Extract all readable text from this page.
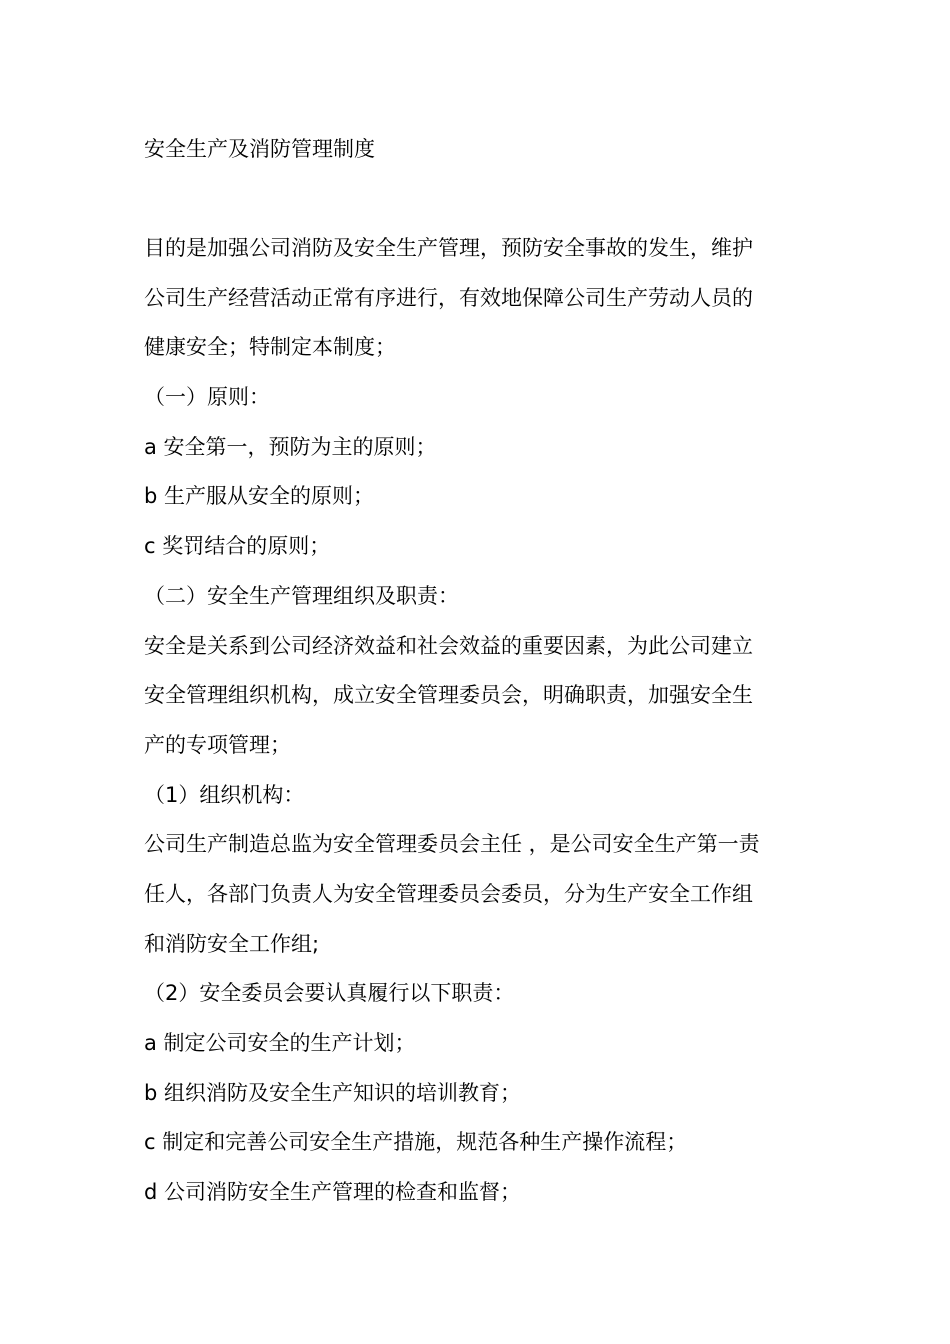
安全生产及消防管理制度
目的是加强公司消防及安全生产管理，预防安全事故的发生，维护
公司生产经营活动正常有序进行，有效地保障公司生产劳动人员的
健康安全；特制定本制度；
（一）原则：
a 安全第一，预防为主的原则；
b 生产服从安全的原则；
c 奖罚结合的原则；
（二）安全生产管理组织及职责：
安全是关系到公司经济效益和社会效益的重要因素，为此公司建立
安全管理组织机构，成立安全管理委员会，明确职责，加强安全生
产的专项管理；
（1）组织机构：
公司生产制造总监为安全管理委员会主任 ，是公司安全生产第一责
任人，各部门负责人为安全管理委员会委员，分为生产安全工作组
和消防安全工作组;
（2）安全委员会要认真履行以下职责：
a 制定公司安全的生产计划；
b 组织消防及安全生产知识的培训教育；
c 制定和完善公司安全生产措施，规范各种生产操作流程；
d 公司消防安全生产管理的检查和监督；
